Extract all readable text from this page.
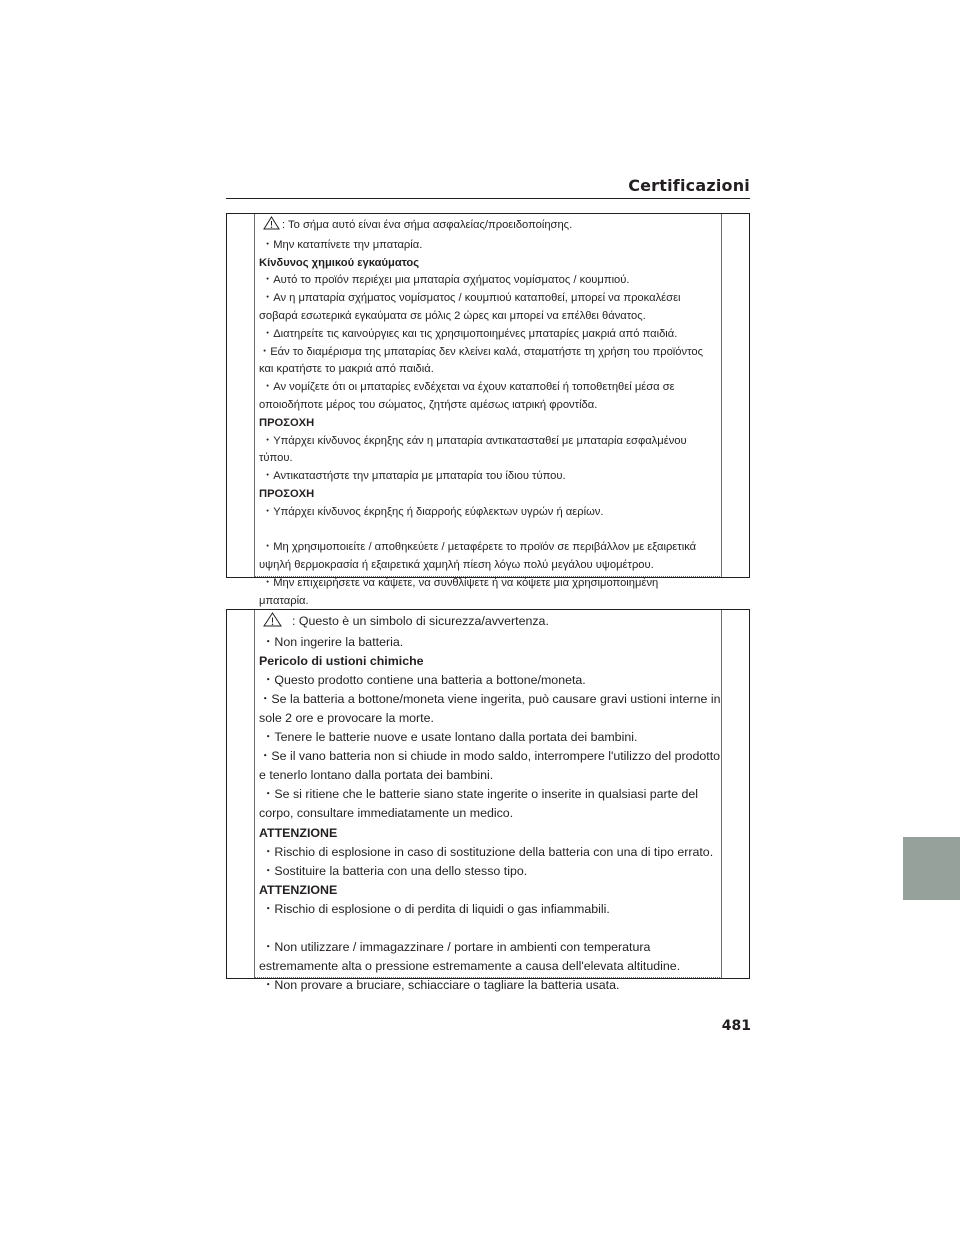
Certificazioni

: Το σήμα αυτό είναι ένα σήμα ασφαλείας/προειδοποίησης.

・Μην καταπίνετε την μπαταρία.

Κίνδυνος χημικού εγκαύματος

・Αυτό το προϊόν περιέχει μια μπαταρία σχήματος νομίσματος / κουμπιού.

・Αν η μπαταρία σχήματος νομίσματος / κουμπιού καταποθεί, μπορεί να προκαλέσει

σοβαρά εσωτερικά εγκαύματα σε μόλις 2 ώρες και μπορεί να επέλθει θάνατος.

・Διατηρείτε τις καινούργιες και τις χρησιμοποιημένες μπαταρίες μακριά από παιδιά.

・Εάν το διαμέρισμα της μπαταρίας δεν κλείνει καλά, σταματήστε τη χρήση του προϊόντος

και κρατήστε το μακριά από παιδιά.

・Αν νομίζετε ότι οι μπαταρίες ενδέχεται να έχουν καταποθεί ή τοποθετηθεί μέσα σε

οποιοδήποτε μέρος του σώματος, ζητήστε αμέσως ιατρική φροντίδα.

ΠΡΟΣΟΧΗ

・Υπάρχει κίνδυνος έκρηξης εάν η μπαταρία αντικατασταθεί με μπαταρία εσφαλμένου

τύπου.

・Αντικαταστήστε την μπαταρία με μπαταρία του ίδιου τύπου.

ΠΡΟΣΟΧΗ

・Υπάρχει κίνδυνος έκρηξης ή διαρροής εύφλεκτων υγρών ή αερίων.

・Μη χρησιμοποιείτε / αποθηκεύετε / μεταφέρετε το προϊόν σε περιβάλλον με εξαιρετικά

υψηλή θερμοκρασία ή εξαιρετικά χαμηλή πίεση λόγω πολύ μεγάλου υψομέτρου.

・Μην επιχειρήσετε να κάψετε, να συνθλίψετε ή να κόψετε μια χρησιμοποιημένη

μπαταρία.

: Questo è un simbolo di sicurezza/avvertenza.

・Non ingerire la batteria.

Pericolo di ustioni chimiche

・Questo prodotto contiene una batteria a bottone/moneta.

・Se la batteria a bottone/moneta viene ingerita, può causare gravi ustioni interne in

sole 2 ore e provocare la morte.

・Tenere le batterie nuove e usate lontano dalla portata dei bambini.

・Se il vano batteria non si chiude in modo saldo, interrompere l'utilizzo del prodotto

e tenerlo lontano dalla portata dei bambini.

・Se si ritiene che le batterie siano state ingerite o inserite in qualsiasi parte del

corpo, consultare immediatamente un medico.

ATTENZIONE

・Rischio di esplosione in caso di sostituzione della batteria con una di tipo errato.

・Sostituire la batteria con una dello stesso tipo.

ATTENZIONE

・Rischio di esplosione o di perdita di liquidi o gas infiammabili.

・Non utilizzare / immagazzinare / portare in ambienti con temperatura

estremamente alta o pressione estremamente a causa dell'elevata altitudine.

・Non provare a bruciare, schiacciare o tagliare la batteria usata.

481
